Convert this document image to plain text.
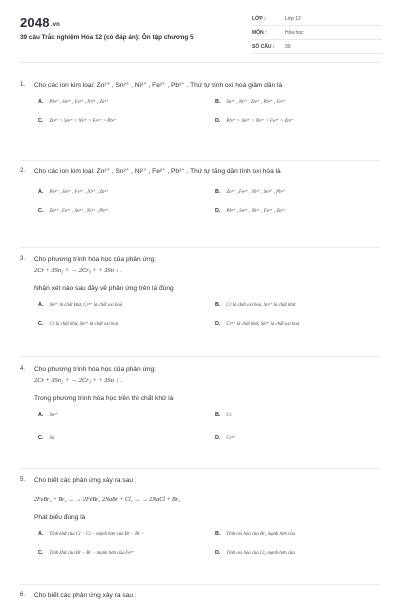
2048.vn
39 câu Trắc nghiệm Hóa 12 (có đáp án): Ôn tập chương 5
LỚP :	Lớp 12
MÔN :	Hóa học
SỐ CÂU : 39
1. Cho các ion kim loại: Zn²⁺ , Sn²⁺ , Ni²⁺ , Fe²⁺ , Pb²⁺ . Thứ tự tính oxi hoá giảm dần là
A. Pb²⁺ , Sn²⁺ , Fe²⁺ , Ni²⁺ , Zn²⁺	B. Sn²⁺ , Ni²⁺ , Zn²⁺ , Pb²⁺ , Fe²⁺
C. Zn²⁺ > Sn²⁺ > Ni²⁺ > Fe²⁺ > Pb²⁺	D. Pb²⁺ > Sn²⁺ > Ni²⁺ > Fe²⁺ > Zn²⁺
2. Cho các ion kim loại: Zn²⁺ , Sn²⁺ , Ni²⁺ , Fe²⁺ , Pb²⁺ . Thứ tự tăng dần tính oxi hóa là
A. Pb²⁺ , Sn²⁺ , Fe²⁺ , Ni²⁺ , Zn²⁺	B. Zn²⁺ , Fe²⁺ , Ni²⁺ , Sn²⁺ , Pb²⁺
C. Zn²⁺ , Fe²⁺ , Sn²⁺ , Ni²⁺ , Pb²⁺	D. Pb²⁺ , Sn²⁺ , Ni²⁺ , Fe²⁺ , Zn²⁺
3. Cho phương trình hóa học của phản ứng:
2Cr + 3Sn₂ + → 2Cr₃ + + 3Sn ↓ .
Nhận xét nào sau đây về phản ứng trên là đúng
A. Sn²⁺ là chất khử, Cr³⁺ là chất oxi hoá	B. Cr là chất oxi hóa, Sn²⁺ là chất khử
C. Cr là chất khử, Sn²⁺ là chất oxi hoá	D. Cr³⁺ là chất khử, Sn²⁺ là chất oxi hoá
4. Cho phương trình hóa học của phản ứng:
2Cr + 3Sn₂ + → 2Cr₃ + + 3Sn ↓ .
Trong phương trình hóa học trên thì chất khử là
A. Sn²⁺	B. Cr
C. Sn	D. Cr³⁺
5. Cho biết các phản ứng xảy ra sau :
2FeBr₂ + Br₂ → → 2FeBr₃ 2NaBr + Cl₂ → → 2NaCl + Br₂
Phát biểu đúng là
A. Tính khử của Cl − Cl − mạnh hơn của Br − Br −	B. Tính oxi hóa của Br₂ mạnh hơn của
C. Tính khử của Br − Br − mạnh hơn của Fe²⁺	D. Tính oxi hóa của Cl₂ mạnh hơn của
6. Cho biết các phản ứng xảy ra sau :
